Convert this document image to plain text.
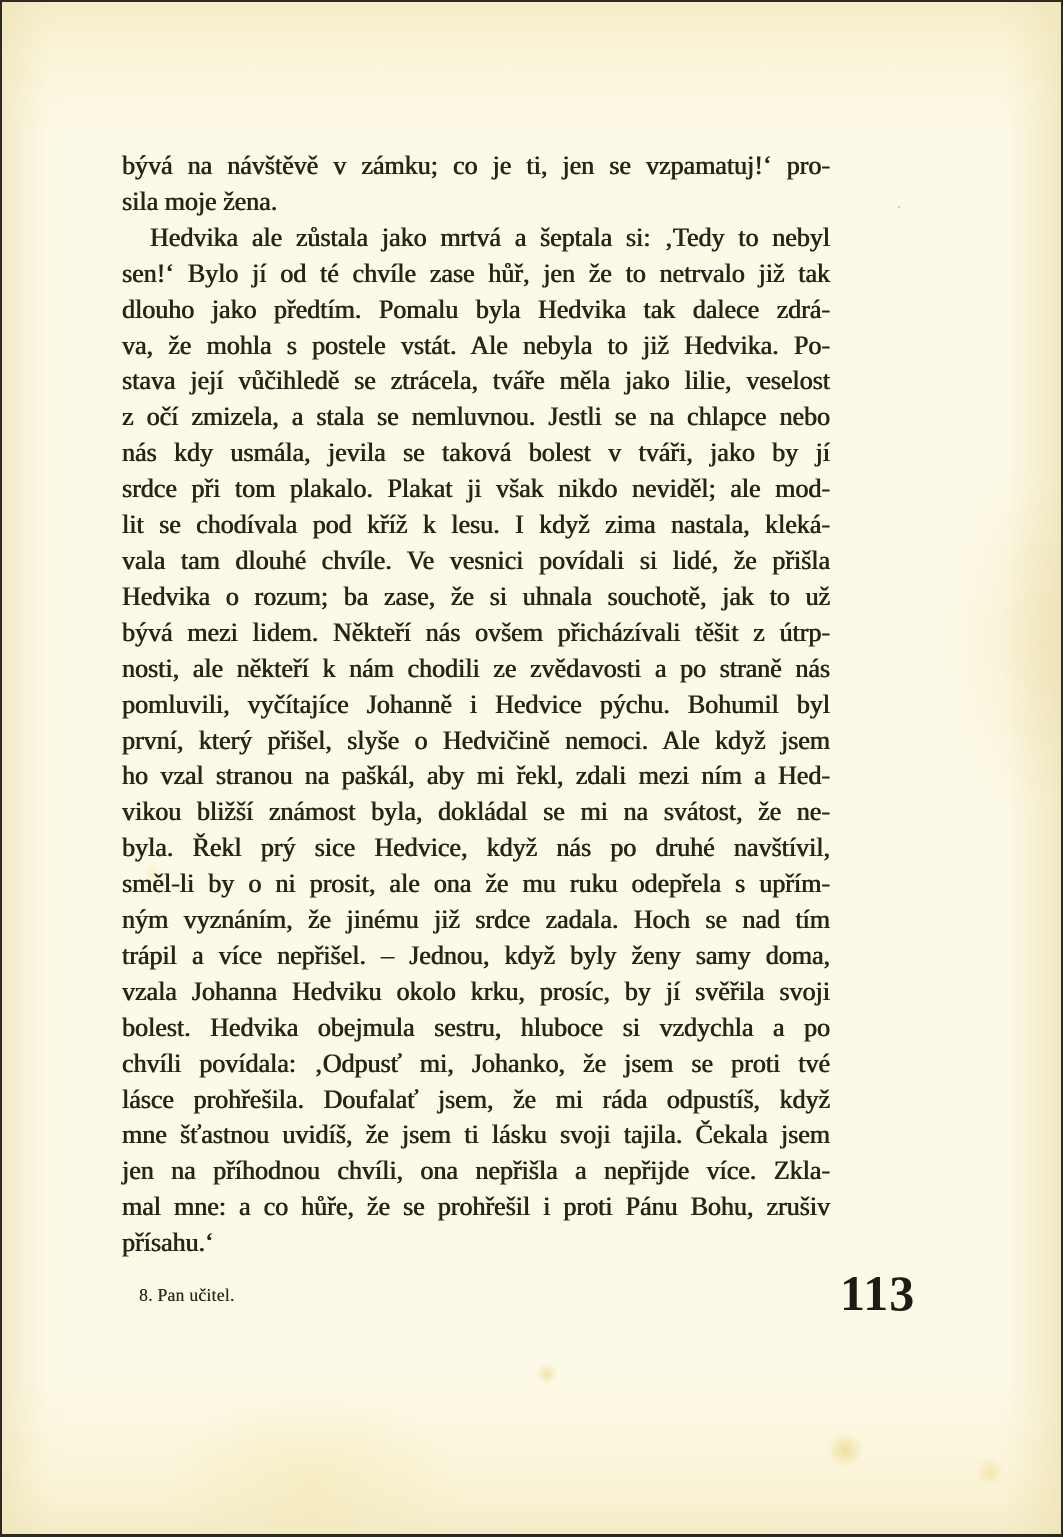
bývá na návštěvě v zámku; co je ti, jen se vzpamatuj!‘ pro-
sila moje žena.
Hedvika ale zůstala jako mrtvá a šeptala si: ‚Tedy to nebyl
sen!‘ Bylo jí od té chvíle zase hůř, jen že to netrvalo již tak
dlouho jako předtím. Pomalu byla Hedvika tak dalece zdrá-
va, že mohla s postele vstát. Ale nebyla to již Hedvika. Po-
stava její vůčihledě se ztrácela, tváře měla jako lilie, veselost
z očí zmizela, a stala se nemluvnou. Jestli se na chlapce nebo
nás kdy usmála, jevila se taková bolest v tváři, jako by jí
srdce při tom plakalo. Plakat ji však nikdo neviděl; ale mod-
lit se chodívala pod kříž k lesu. I když zima nastala, kleká-
vala tam dlouhé chvíle. Ve vesnici povídali si lidé, že přišla
Hedvika o rozum; ba zase, že si uhnala souchotě, jak to už
bývá mezi lidem. Někteří nás ovšem přicházívali těšit z útrp-
nosti, ale někteří k nám chodili ze zvědavosti a po straně nás
pomluvili, vyčítajíce Johanně i Hedvice pýchu. Bohumil byl
první, který přišel, slyše o Hedvičině nemoci. Ale když jsem
ho vzal stranou na paškál, aby mi řekl, zdali mezi ním a Hed-
vikou bližší známost byla, dokládal se mi na svátost, že ne-
byla. Řekl prý sice Hedvice, když nás po druhé navštívil,
směl-li by o ni prosit, ale ona že mu ruku odepřela s upřím-
ným vyznáním, že jinému již srdce zadala. Hoch se nad tím
trápil a více nepřišel. – Jednou, když byly ženy samy doma,
vzala Johanna Hedviku okolo krku, prosíc, by jí svěřila svoji
bolest. Hedvika obejmula sestru, hluboce si vzdychla a po
chvíli povídala: ‚Odpusť mi, Johanko, že jsem se proti tvé
lásce prohřešila. Doufalať jsem, že mi ráda odpustíš, když
mne šťastnou uvidíš, že jsem ti lásku svoji tajila. Čekala jsem
jen na příhodnou chvíli, ona nepřišla a nepřijde více. Zkla-
mal mne: a co hůře, že se prohřešil i proti Pánu Bohu, zrušiv
přísahu.‘
8. Pan učitel.	113
